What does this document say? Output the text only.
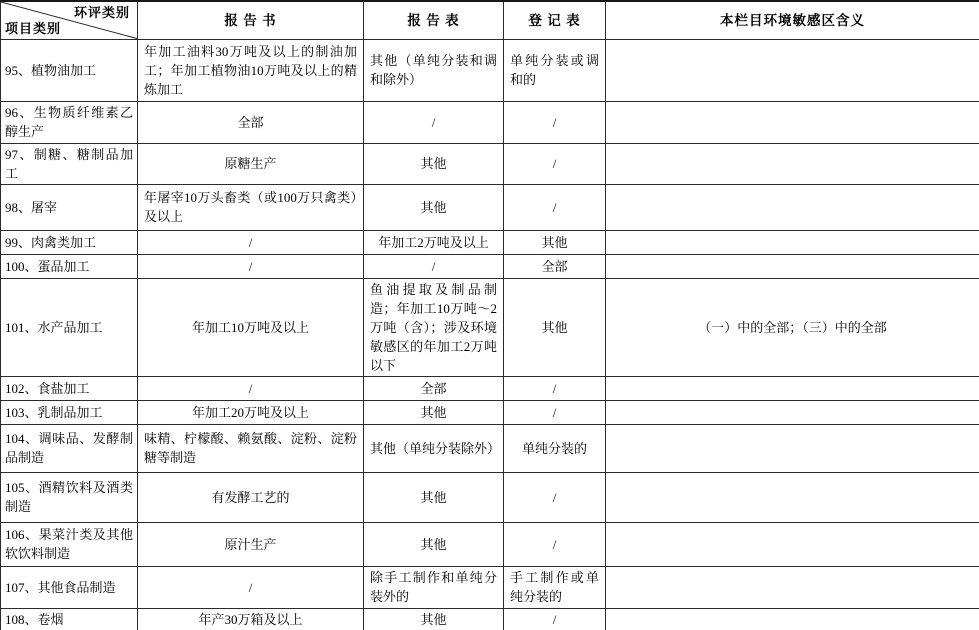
环评类别
项目类别	报 告 书	报 告 表	登 记 表	本栏目环境敏感区含义
95、植物油加工	年加工油料30万吨及以上的制油加工；年加工植物油10万吨及以上的精炼加工	其他（单纯分装和调和除外）	单纯分装或调和的	
96、生物质纤维素乙醇生产	全部	/	/	
97、制糖、糖制品加工	原糖生产	其他	/	
98、屠宰	年屠宰10万头畜类（或100万只禽类）及以上	其他	/	
99、肉禽类加工	/	年加工2万吨及以上	其他	
100、蛋品加工	/	/	全部	
101、水产品加工	年加工10万吨及以上	鱼油提取及制品制造；年加工10万吨～2万吨（含）；涉及环境敏感区的年加工2万吨以下	其他	（一）中的全部；（三）中的全部
102、食盐加工	/	全部	/	
103、乳制品加工	年加工20万吨及以上	其他	/	
104、调味品、发酵制品制造	味精、柠檬酸、赖氨酸、淀粉、淀粉糖等制造	其他（单纯分装除外）	单纯分装的	
105、酒精饮料及酒类制造	有发酵工艺的	其他	/	
106、果菜汁类及其他软饮料制造	原汁生产	其他	/	
107、其他食品制造	/	除手工制作和单纯分装外的	手工制作或单纯分装的	
108、卷烟	年产30万箱及以上	其他	/	
